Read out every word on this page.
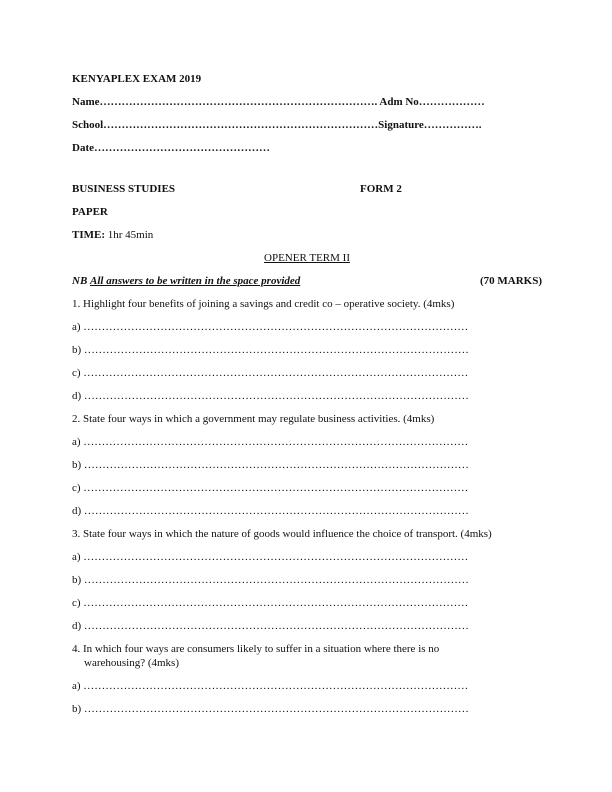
KENYAPLEX EXAM 2019
Name…………………………………………………………………. Adm No………………
School…………………………………………………………………Signature…………….
Date…………………………………………
BUSINESS STUDIES	FORM 2
PAPER
TIME: 1hr 45min
OPENER TERM II
NB All answers to be written in the space provided	(70 MARKS)
1. Highlight four benefits of joining a savings and credit co – operative society. (4mks)
a) ……………………………………………………………………………………………
b) ……………………………………………………………………………………………
c) ……………………………………………………………………………………………
d) ……………………………………………………………………………………………
2. State four ways in which a government may regulate business activities. (4mks)
a) ……………………………………………………………………………………………
b) ……………………………………………………………………………………………
c) ……………………………………………………………………………………………
d) ……………………………………………………………………………………………
3. State four ways in which the nature of goods would influence the choice of transport. (4mks)
a) ……………………………………………………………………………………………
b) ……………………………………………………………………………………………
c) ……………………………………………………………………………………………
d) ……………………………………………………………………………………………
4. In which four ways are consumers likely to suffer in a situation where there is no
warehousing? (4mks)
a) ……………………………………………………………………………………………
b) ……………………………………………………………………………………………
